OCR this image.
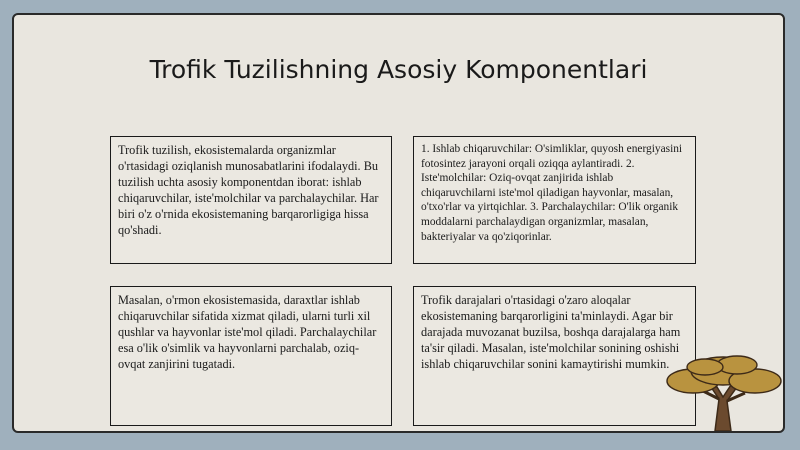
Trofik Tuzilishning Asosiy Komponentlari
Trofik tuzilish, ekosistemalarda organizmlar o'rtasidagi oziqlanish munosabatlarini ifodalaydi. Bu tuzilish uchta asosiy komponentdan iborat: ishlab chiqaruvchilar, iste'molchilar va parchalaychilar. Har biri o'z o'rnida ekosistemaning barqarorligiga hissa qo'shadi.
1. Ishlab chiqaruvchilar: O'simliklar, quyosh energiyasini fotosintez jarayoni orqali oziqqa aylantiradi. 2. Iste'molchilar: Oziq-ovqat zanjirida ishlab chiqaruvchilarni iste'mol qiladigan hayvonlar, masalan, o'txo'rlar va yirtqichlar. 3. Parchalaychilar: O'lik organik moddalarni parchalaydigan organizmlar, masalan, bakteriyalar va qo'ziqorinlar.
Masalan, o'rmon ekosistemasida, daraxtlar ishlab chiqaruvchilar sifatida xizmat qiladi, ularni turli xil qushlar va hayvonlar iste'mol qiladi. Parchalaychilar esa o'lik o'simlik va hayvonlarni parchalab, oziq-ovqat zanjirini tugatadi.
Trofik darajalari o'rtasidagi o'zaro aloqalar ekosistemaning barqarorligini ta'minlaydi. Agar bir darajada muvozanat buzilsa, boshqa darajalarga ham ta'sir qiladi. Masalan, iste'molchilar sonining oshishi ishlab chiqaruvchilar sonini kamaytirishi mumkin.
